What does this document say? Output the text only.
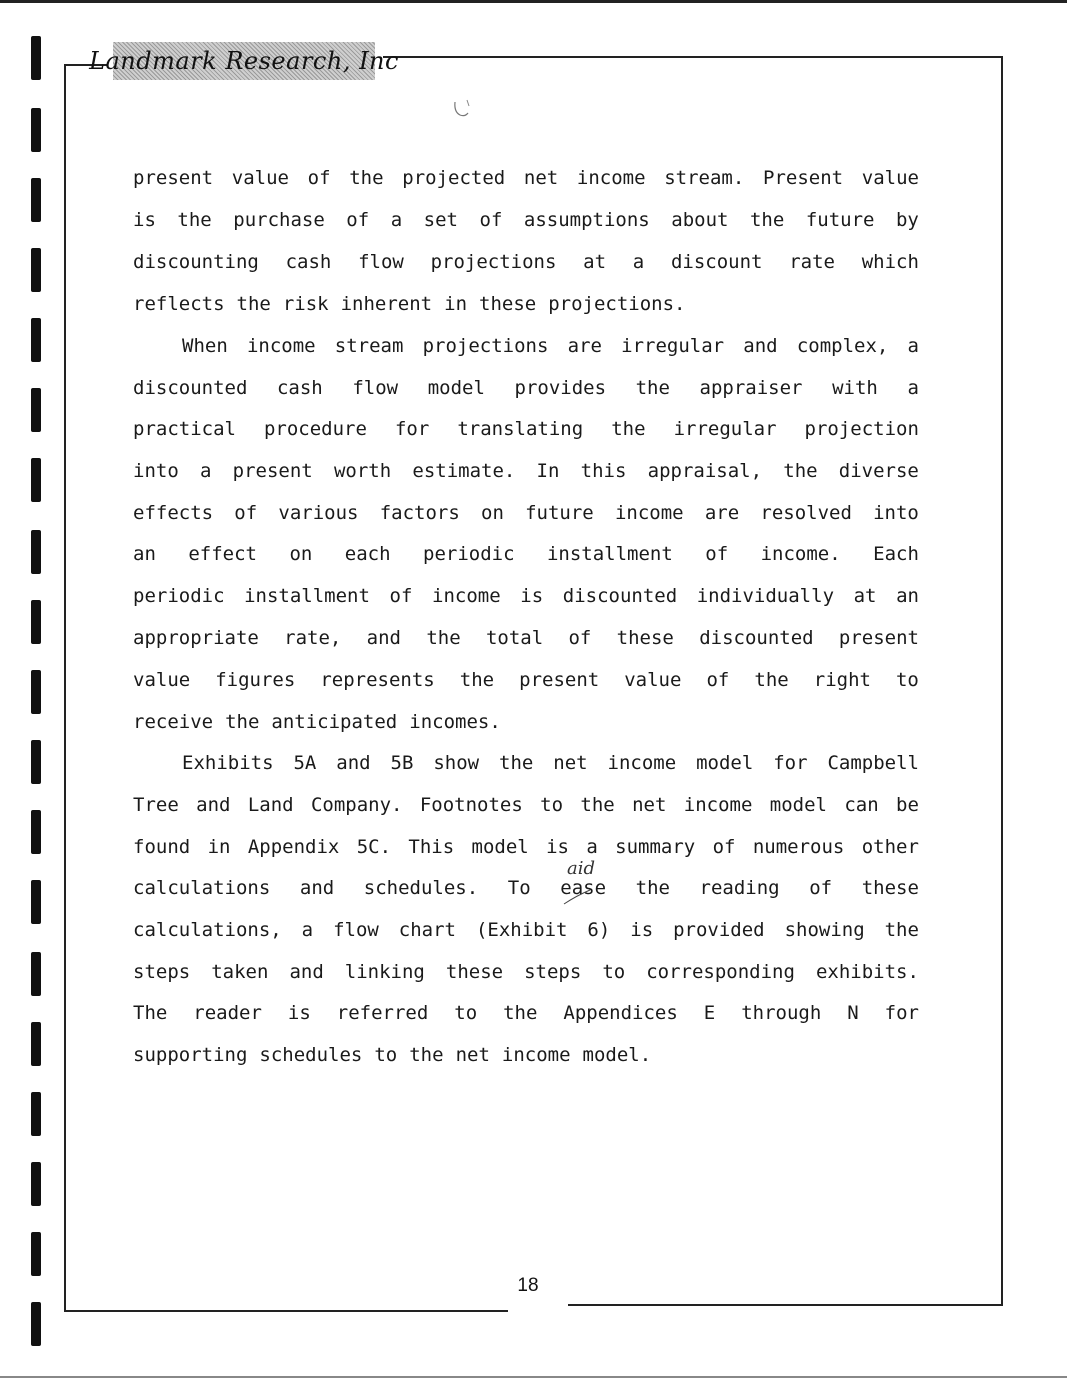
Landmark Research, Inc
present value of the projected net income stream. Present value
is the purchase of a set of assumptions about the future by
discounting cash flow projections at a discount rate which
reflects the risk inherent in these projections.
When income stream projections are irregular and complex, a
discounted cash flow model provides the appraiser with a
practical procedure for translating the irregular projection
into a present worth estimate. In this appraisal, the diverse
effects of various factors on future income are resolved into
an effect on each periodic installment of income. Each
periodic installment of income is discounted individually at an
appropriate rate, and the total of these discounted present
value figures represents the present value of the right to
receive the anticipated incomes.
Exhibits 5A and 5B show the net income model for Campbell
Tree and Land Company. Footnotes to the net income model can be
found in Appendix 5C. This model is a summary of numerous other
calculations and schedules. To ease the reading of these
calculations, a flow chart (Exhibit 6) is provided showing the
steps taken and linking these steps to corresponding exhibits.
The reader is referred to the Appendices E through N for
supporting schedules to the net income model.
aid
18
